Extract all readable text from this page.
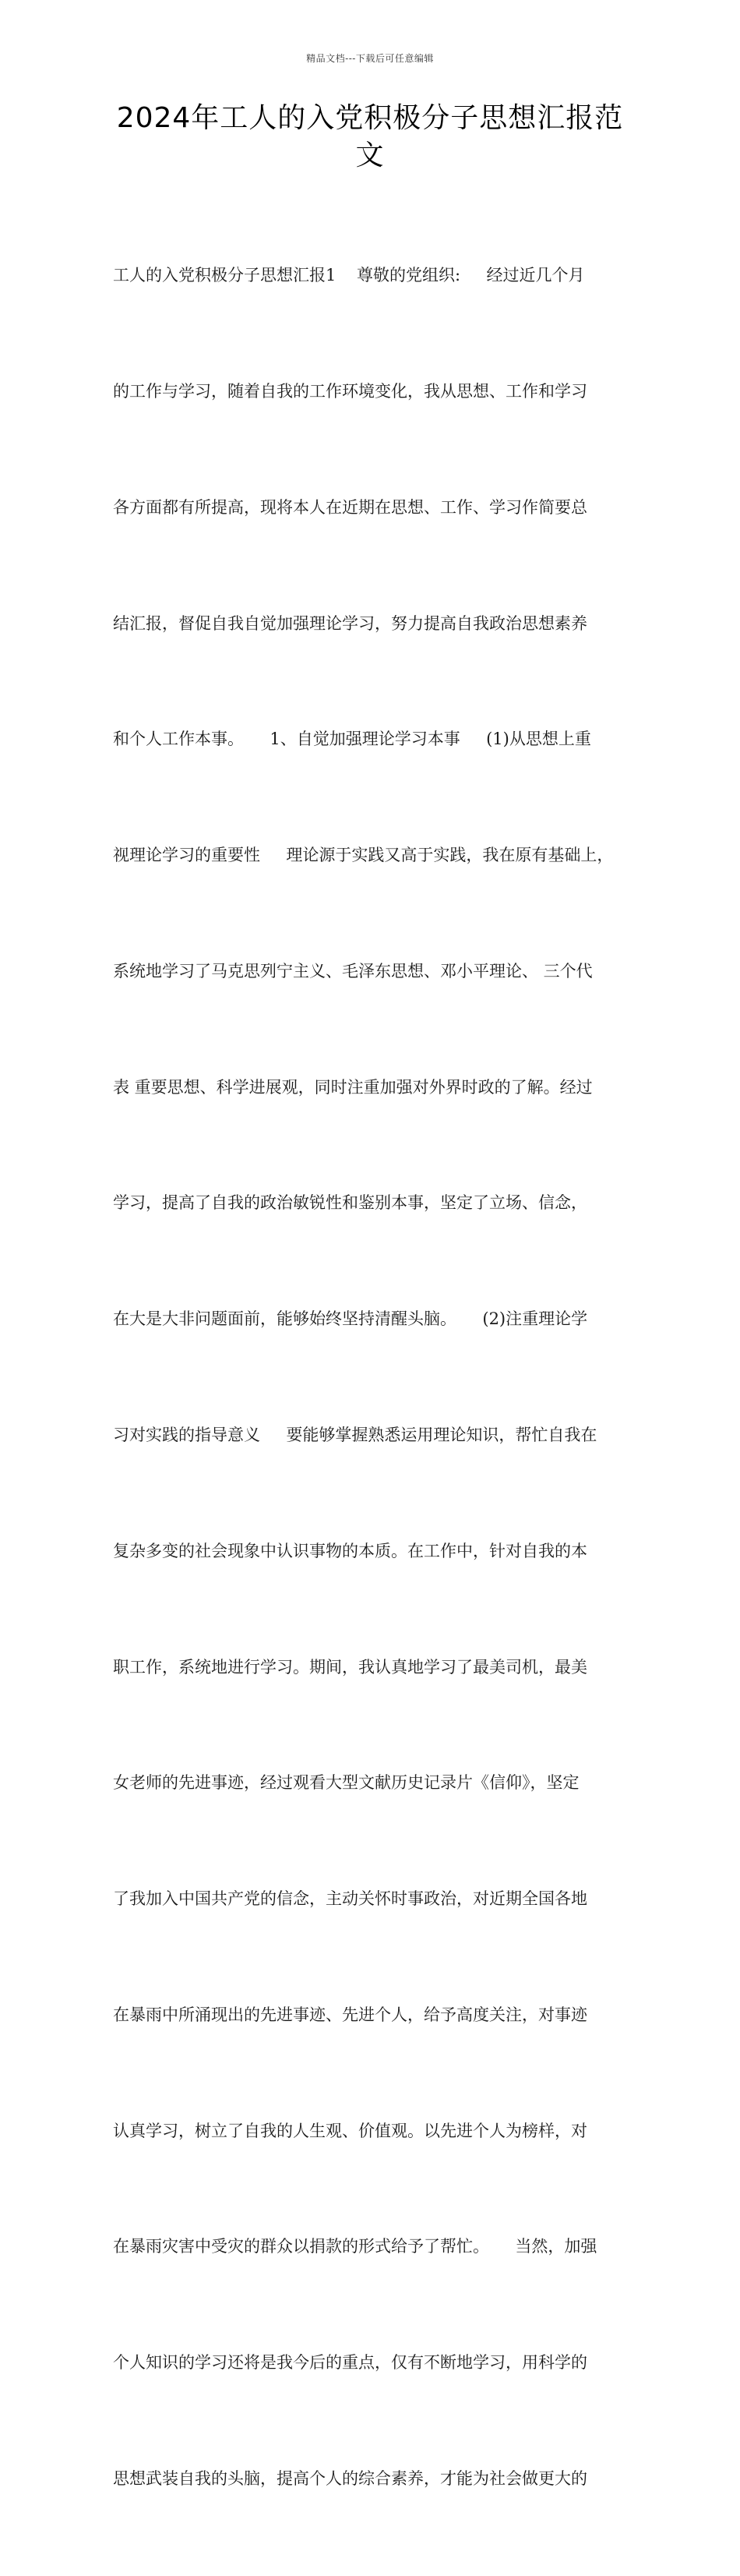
精品文档---下载后可任意编辑
2024年工人的入党积极分子思想汇报范
文

工人的入党积极分子思想汇报1    尊敬的党组织:     经过近几个月

的工作与学习，随着自我的工作环境变化，我从思想、工作和学习

各方面都有所提高，现将本人在近期在思想、工作、学习作简要总

结汇报，督促自我自觉加强理论学习，努力提高自我政治思想素养

和个人工作本事。     1、自觉加强理论学习本事     (1)从思想上重

视理论学习的重要性     理论源于实践又高于实践，我在原有基础上，

系统地学习了马克思列宁主义、毛泽东思想、邓小平理论、 三个代

表 重要思想、科学进展观，同时注重加强对外界时政的了解。经过

学习，提高了自我的政治敏锐性和鉴别本事，坚定了立场、信念，

在大是大非问题面前，能够始终坚持清醒头脑。     (2)注重理论学

习对实践的指导意义     要能够掌握熟悉运用理论知识，帮忙自我在

复杂多变的社会现象中认识事物的本质。在工作中，针对自我的本

职工作，系统地进行学习。期间，我认真地学习了最美司机，最美

女老师的先进事迹，经过观看大型文献历史记录片《信仰》，坚定

了我加入中国共产党的信念，主动关怀时事政治，对近期全国各地

在暴雨中所涌现出的先进事迹、先进个人，给予高度关注，对事迹

认真学习，树立了自我的人生观、价值观。以先进个人为榜样，对

在暴雨灾害中受灾的群众以捐款的形式给予了帮忙。     当然，加强

个人知识的学习还将是我今后的重点，仅有不断地学习，用科学的

思想武装自我的头脑，提高个人的综合素养，才能为社会做更大的
